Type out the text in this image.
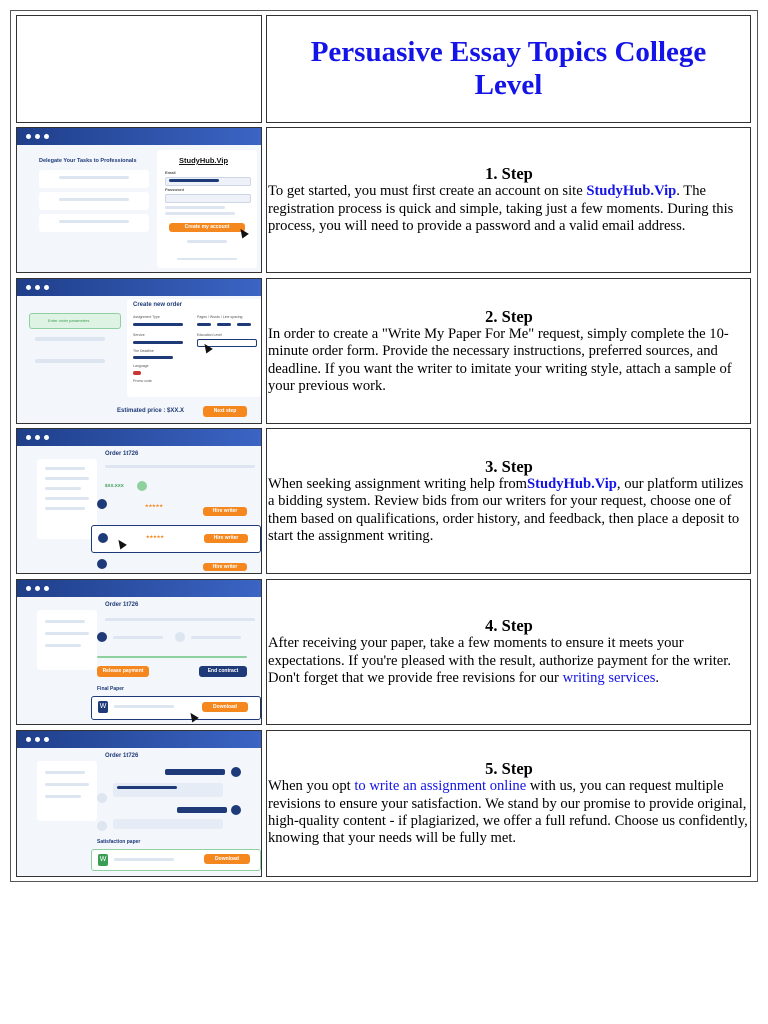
Persuasive Essay Topics College Level
Delegate Your Tasks to Professionals	StudyHub.Vip
Email
Password
Create my account
1. Step
To get started, you must first create an account on site StudyHub.Vip. The registration process is quick and simple, taking just a few moments. During this process, you will need to provide a password and a valid email address.
Enter order parameters
Create new order
Assignment Type	Pages / Words / Line spacing
Service	Education Level
The Deadline
Language
Promo code
Estimated price : $XX.X	Next step
2. Step
In order to create a "Write My Paper For Me" request, simply complete the 10-minute order form. Provide the necessary instructions, preferred sources, and deadline. If you want the writer to imitate your writing style, attach a sample of your previous work.
Order 1t726
$XX.XXX
★★★★★
Hire writer
★★★★★	Hire writer
Hire writer
3. Step
When seeking assignment writing help fromStudyHub.Vip, our platform utilizes a bidding system. Review bids from our writers for your request, choose one of them based on qualifications, order history, and feedback, then place a deposit to start the assignment writing.
Order 1t726
Release payment	End contract
Final Paper
W	Download
4. Step
After receiving your paper, take a few moments to ensure it meets your expectations. If you're pleased with the result, authorize payment for the writer. Don't forget that we provide free revisions for our writing services.
Order 1t726
Satisfaction paper
W	Download
5. Step
When you opt to write an assignment online with us, you can request multiple revisions to ensure your satisfaction. We stand by our promise to provide original, high-quality content - if plagiarized, we offer a full refund. Choose us confidently, knowing that your needs will be fully met.
